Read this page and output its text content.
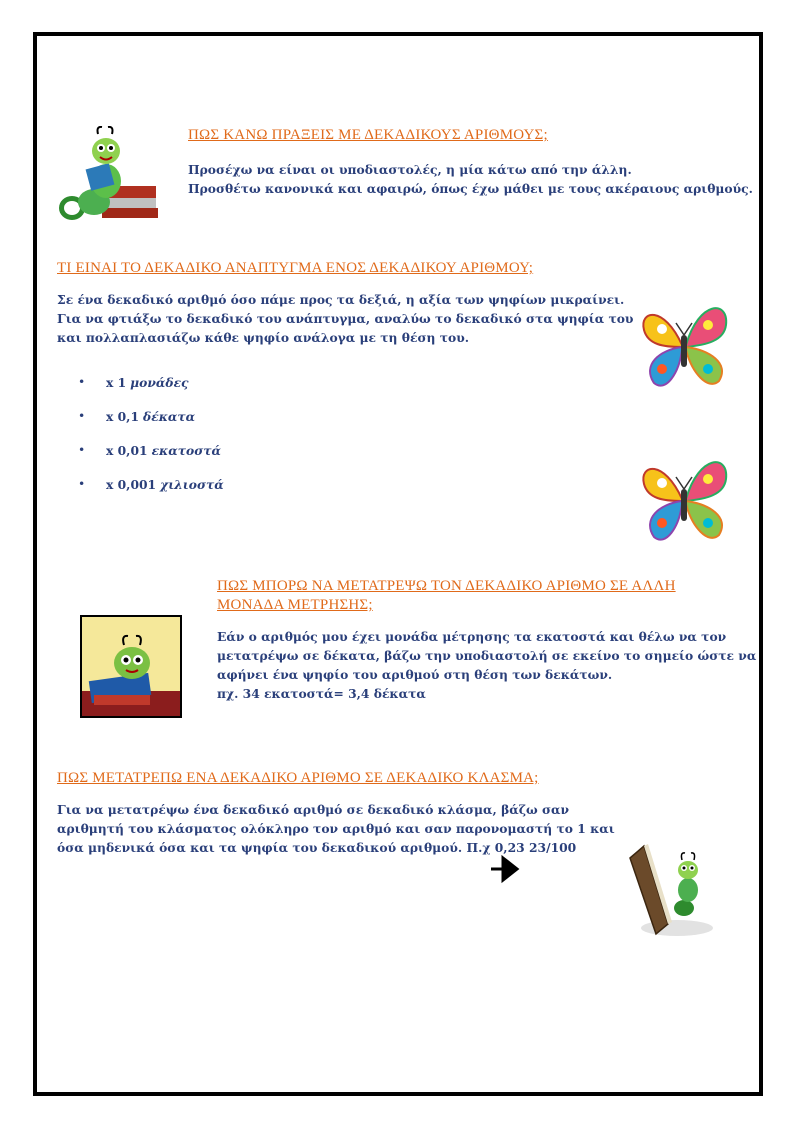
ΠΩΣ ΚΑΝΩ ΠΡΑΞΕΙΣ ΜΕ ΔΕΚΑΔΙΚΟΥΣ ΑΡΙΘΜΟΥΣ;
Προσέχω να είναι οι υποδιαστολές, η μία κάτω από την άλλη.
Προσθέτω κανονικά και αφαιρώ, όπως έχω μάθει με τους ακέραιους αριθμούς.
ΤΙ ΕΙΝΑΙ ΤΟ ΔΕΚΑΔΙΚΟ ΑΝΑΠΤΥΓΜΑ ΕΝΟΣ ΔΕΚΑΔΙΚΟΥ ΑΡΙΘΜΟΥ;
Σε ένα δεκαδικό αριθμό όσο πάμε προς τα δεξιά, η αξία των ψηφίων μικραίνει.
Για να φτιάξω το δεκαδικό του ανάπτυγμα, αναλύω το δεκαδικό στα ψηφία του
και πολλαπλασιάζω κάθε ψηφίο ανάλογα με τη θέση του.
•	x 1 μονάδες
•	x 0,1 δέκατα
•	x 0,01 εκατοστά
•	x 0,001 χιλιοστά
ΠΩΣ ΜΠΟΡΩ ΝΑ ΜΕΤΑΤΡΕΨΩ ΤΟΝ ΔΕΚΑΔΙΚΟ ΑΡΙΘΜΟ ΣΕ ΑΛΛΗ
ΜΟΝΑΔΑ ΜΕΤΡΗΣΗΣ;
Εάν ο αριθμός μου έχει μονάδα μέτρησης τα εκατοστά και θέλω να τον
μετατρέψω σε δέκατα, βάζω την υποδιαστολή σε εκείνο το σημείο ώστε να
αφήνει ένα ψηφίο του αριθμού στη θέση των δεκάτων.
πχ. 34 εκατοστά= 3,4 δέκατα
ΠΩΣ ΜΕΤΑΤΡΕΠΩ ΕΝΑ ΔΕΚΑΔΙΚΟ ΑΡΙΘΜΟ ΣΕ ΔΕΚΑΔΙΚΟ ΚΛΑΣΜΑ;
Για να μετατρέψω ένα δεκαδικό αριθμό σε δεκαδικό κλάσμα, βάζω σαν
αριθμητή του κλάσματος ολόκληρο τον αριθμό και σαν παρονομαστή το 1 και
όσα μηδενικά όσα και τα ψηφία του δεκαδικού αριθμού. Π.χ 0,23 23/100
